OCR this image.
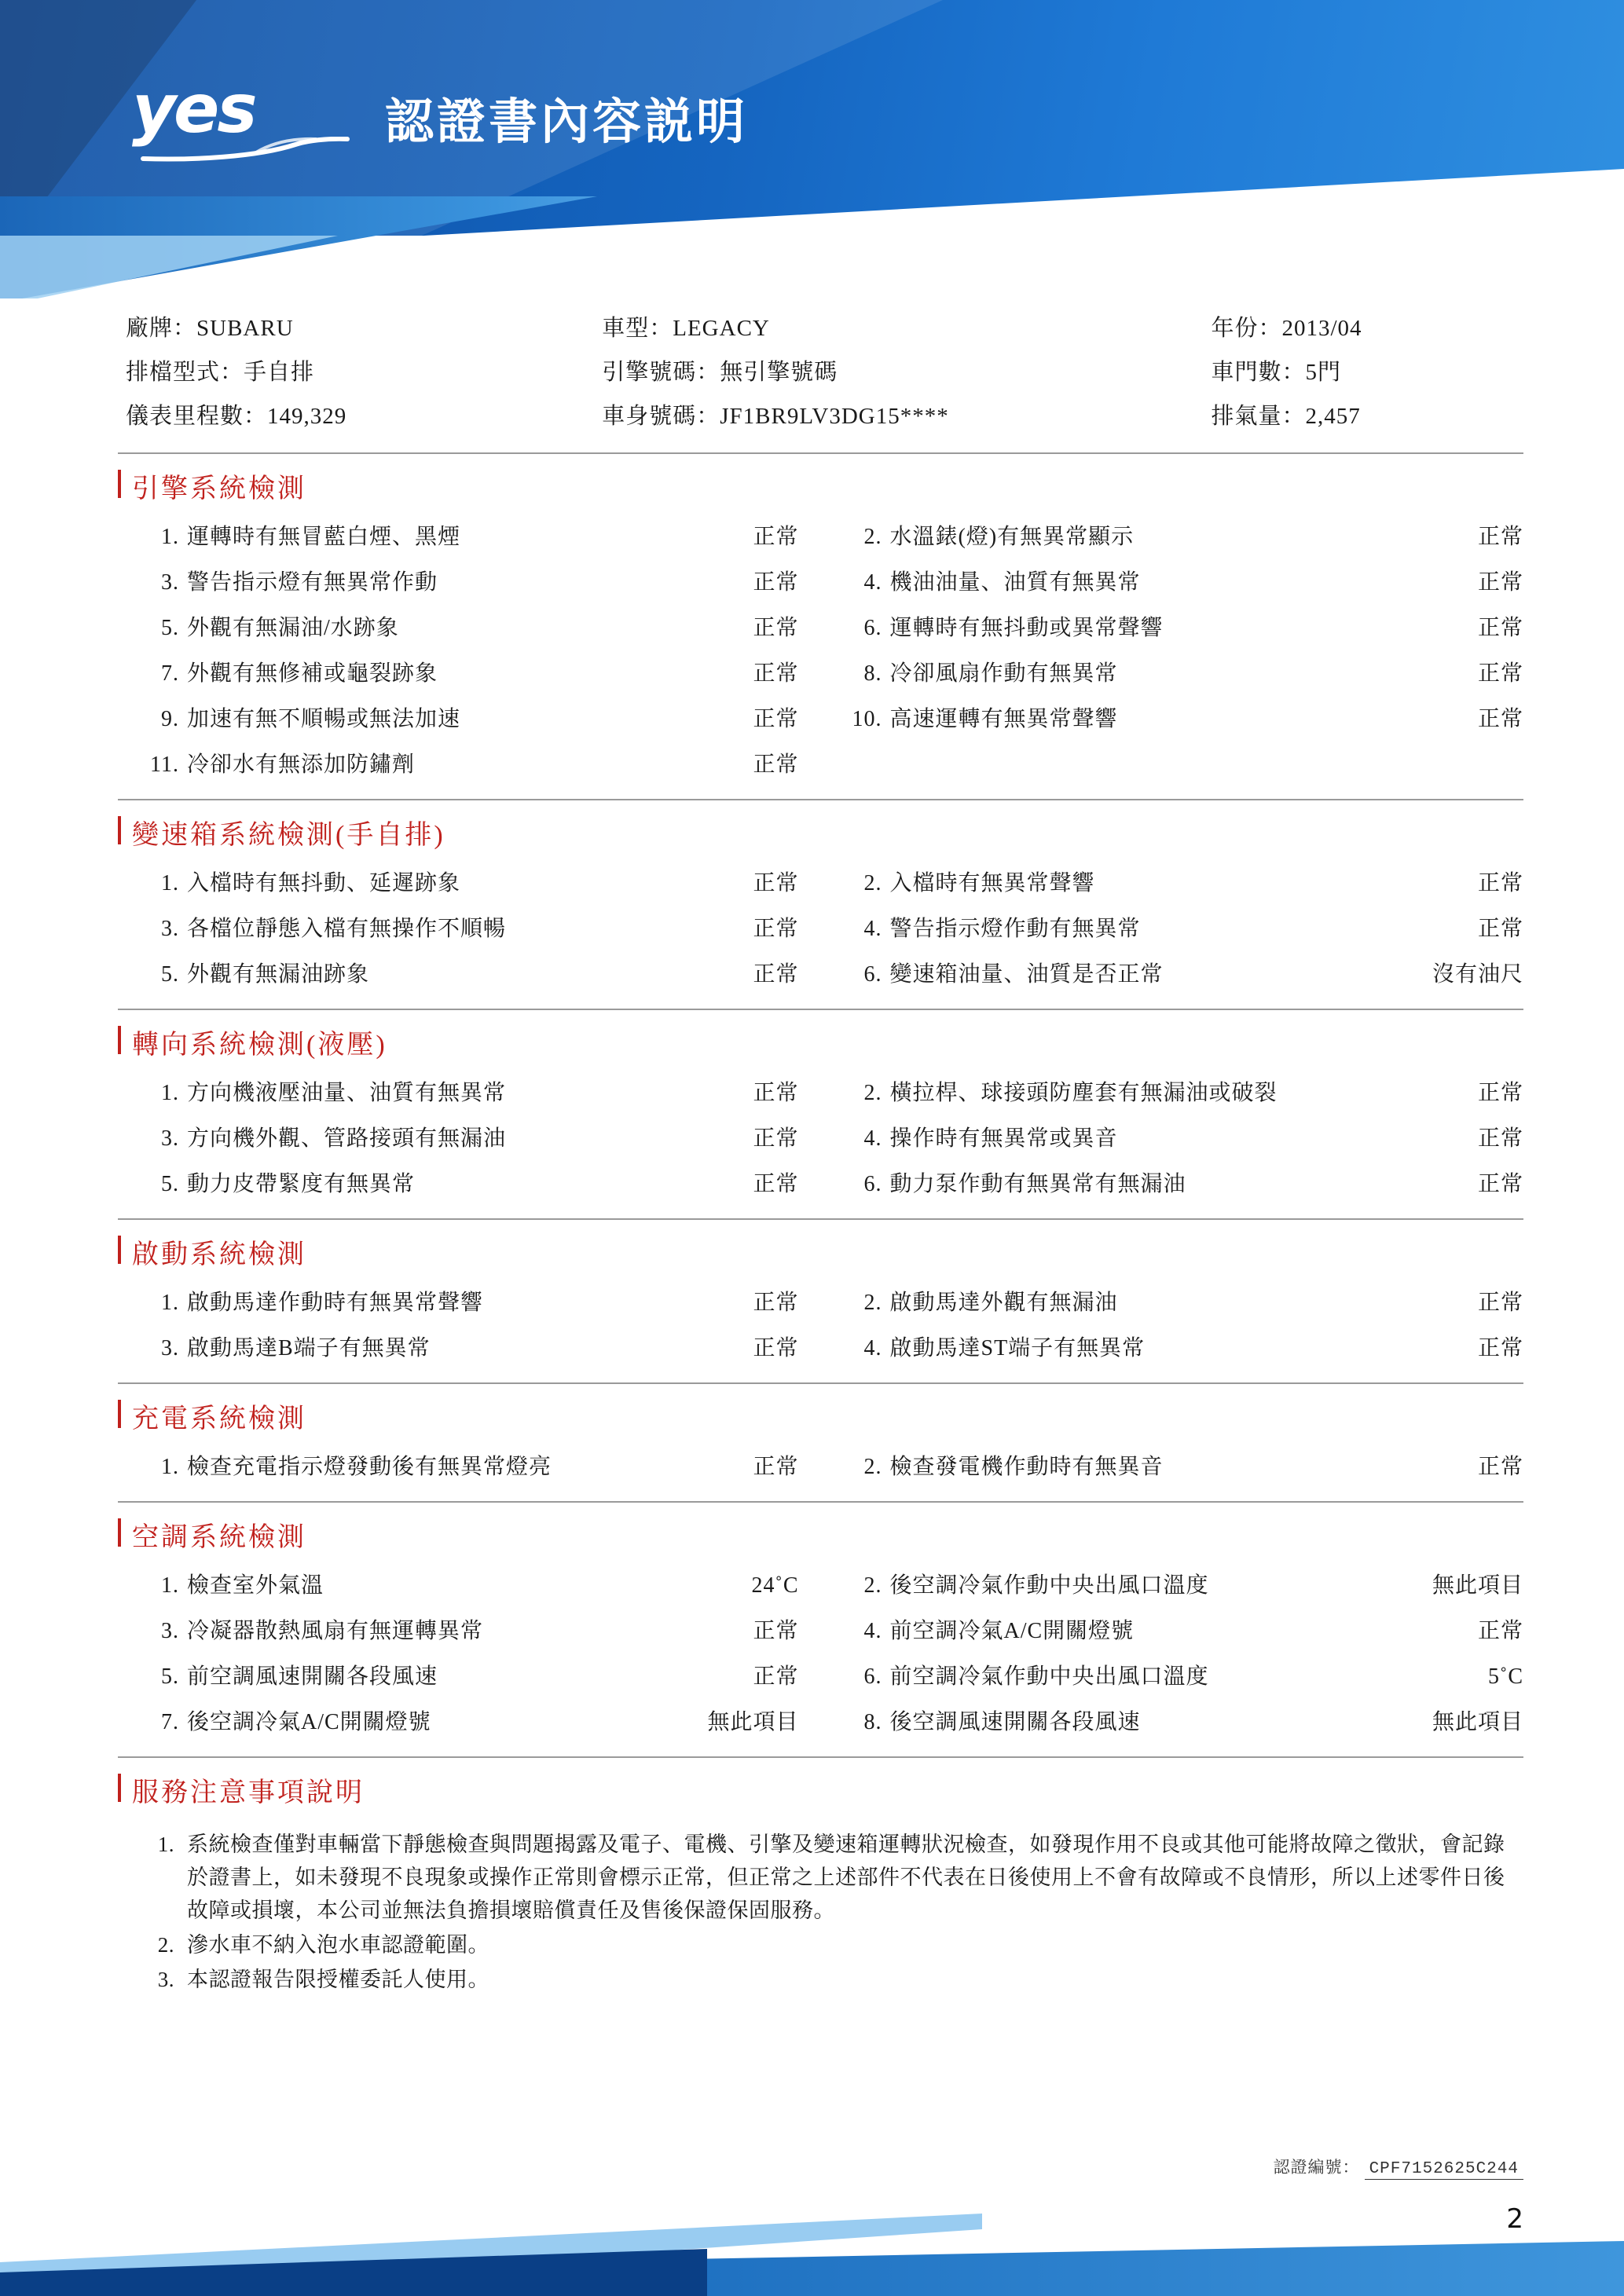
yes	認證書內容説明
廠牌：SUBARU	車型：LEGACY	年份：2013/04
排檔型式：手自排	引擎號碼：無引擎號碼	車門數：5門
儀表里程數：149,329	車身號碼：JF1BR9LV3DG15****	排氣量：2,457
引擎系統檢測
1. 運轉時有無冒藍白煙、黑煙	正常	2. 水溫錶(燈)有無異常顯示	正常
3. 警告指示燈有無異常作動	正常	4. 機油油量、油質有無異常	正常
5. 外觀有無漏油/水跡象	正常	6. 運轉時有無抖動或異常聲響	正常
7. 外觀有無修補或龜裂跡象	正常	8. 冷卻風扇作動有無異常	正常
9. 加速有無不順暢或無法加速	正常	10. 高速運轉有無異常聲響	正常
11. 冷卻水有無添加防鏽劑	正常
變速箱系統檢測(手自排)
1. 入檔時有無抖動、延遲跡象	正常	2. 入檔時有無異常聲響	正常
3. 各檔位靜態入檔有無操作不順暢	正常	4. 警告指示燈作動有無異常	正常
5. 外觀有無漏油跡象	正常	6. 變速箱油量、油質是否正常	沒有油尺
轉向系統檢測(液壓)
1. 方向機液壓油量、油質有無異常	正常	2. 橫拉桿、球接頭防塵套有無漏油或破裂	正常
3. 方向機外觀、管路接頭有無漏油	正常	4. 操作時有無異常或異音	正常
5. 動力皮帶緊度有無異常	正常	6. 動力泵作動有無異常有無漏油	正常
啟動系統檢測
1. 啟動馬達作動時有無異常聲響	正常	2. 啟動馬達外觀有無漏油	正常
3. 啟動馬達B端子有無異常	正常	4. 啟動馬達ST端子有無異常	正常
充電系統檢測
1. 檢查充電指示燈發動後有無異常燈亮	正常	2. 檢查發電機作動時有無異音	正常
空調系統檢測
1. 檢查室外氣溫	24˚C	2. 後空調冷氣作動中央出風口溫度	無此項目
3. 冷凝器散熱風扇有無運轉異常	正常	4. 前空調冷氣A/C開關燈號	正常
5. 前空調風速開關各段風速	正常	6. 前空調冷氣作動中央出風口溫度	5˚C
7. 後空調冷氣A/C開關燈號	無此項目	8. 後空調風速開關各段風速	無此項目
服務注意事項說明
1. 系統檢查僅對車輛當下靜態檢查與問題揭露及電子、電機、引擎及變速箱運轉狀況檢查，如發現作用不良或其他可能將故障之徵狀，會記錄於證書上，如未發現不良現象或操作正常則會標示正常，但正常之上述部件不代表在日後使用上不會有故障或不良情形，所以上述零件日後故障或損壞，本公司並無法負擔損壞賠償責任及售後保證保固服務。
2. 滲水車不納入泡水車認證範圍。
3. 本認證報告限授權委託人使用。
認證編號： CPF7152625C244
2
